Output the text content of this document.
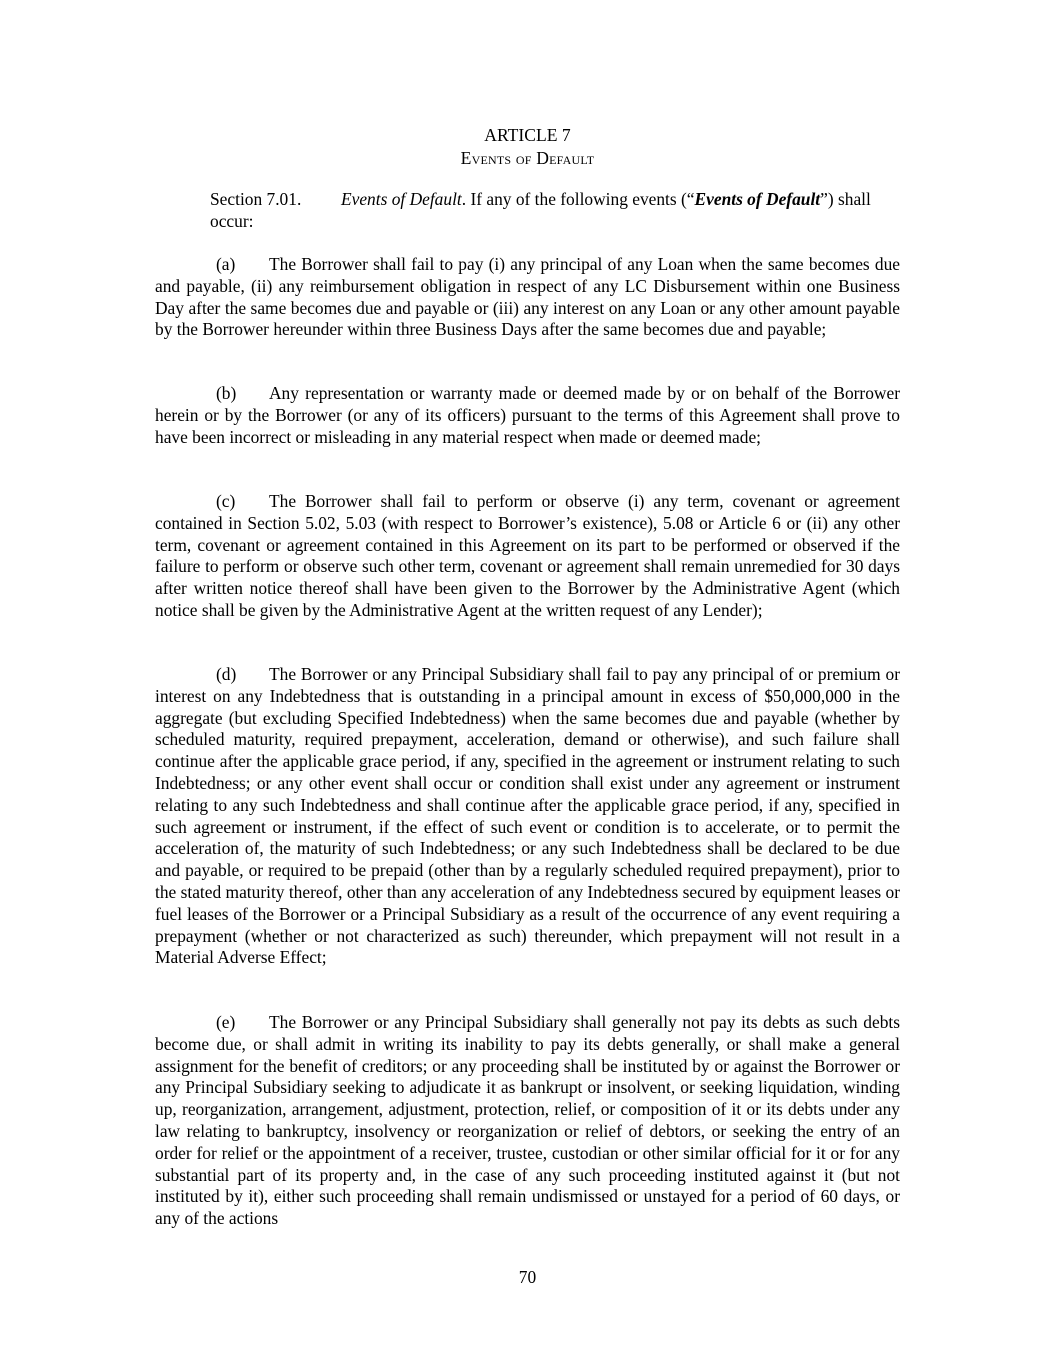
ARTICLE 7
Events of Default
Section 7.01. Events of Default. If any of the following events (“Events of Default”) shall occur:
(a) The Borrower shall fail to pay (i) any principal of any Loan when the same becomes due and payable, (ii) any reimbursement obligation in respect of any LC Disbursement within one Business Day after the same becomes due and payable or (iii) any interest on any Loan or any other amount payable by the Borrower hereunder within three Business Days after the same becomes due and payable;
(b) Any representation or warranty made or deemed made by or on behalf of the Borrower herein or by the Borrower (or any of its officers) pursuant to the terms of this Agreement shall prove to have been incorrect or misleading in any material respect when made or deemed made;
(c) The Borrower shall fail to perform or observe (i) any term, covenant or agreement contained in Section 5.02, 5.03 (with respect to Borrower’s existence), 5.08 or Article 6 or (ii) any other term, covenant or agreement contained in this Agreement on its part to be performed or observed if the failure to perform or observe such other term, covenant or agreement shall remain unremedied for 30 days after written notice thereof shall have been given to the Borrower by the Administrative Agent (which notice shall be given by the Administrative Agent at the written request of any Lender);
(d) The Borrower or any Principal Subsidiary shall fail to pay any principal of or premium or interest on any Indebtedness that is outstanding in a principal amount in excess of $50,000,000 in the aggregate (but excluding Specified Indebtedness) when the same becomes due and payable (whether by scheduled maturity, required prepayment, acceleration, demand or otherwise), and such failure shall continue after the applicable grace period, if any, specified in the agreement or instrument relating to such Indebtedness; or any other event shall occur or condition shall exist under any agreement or instrument relating to any such Indebtedness and shall continue after the applicable grace period, if any, specified in such agreement or instrument, if the effect of such event or condition is to accelerate, or to permit the acceleration of, the maturity of such Indebtedness; or any such Indebtedness shall be declared to be due and payable, or required to be prepaid (other than by a regularly scheduled required prepayment), prior to the stated maturity thereof, other than any acceleration of any Indebtedness secured by equipment leases or fuel leases of the Borrower or a Principal Subsidiary as a result of the occurrence of any event requiring a prepayment (whether or not characterized as such) thereunder, which prepayment will not result in a Material Adverse Effect;
(e) The Borrower or any Principal Subsidiary shall generally not pay its debts as such debts become due, or shall admit in writing its inability to pay its debts generally, or shall make a general assignment for the benefit of creditors; or any proceeding shall be instituted by or against the Borrower or any Principal Subsidiary seeking to adjudicate it as bankrupt or insolvent, or seeking liquidation, winding up, reorganization, arrangement, adjustment, protection, relief, or composition of it or its debts under any law relating to bankruptcy, insolvency or reorganization or relief of debtors, or seeking the entry of an order for relief or the appointment of a receiver, trustee, custodian or other similar official for it or for any substantial part of its property and, in the case of any such proceeding instituted against it (but not instituted by it), either such proceeding shall remain undismissed or unstayed for a period of 60 days, or any of the actions
70
